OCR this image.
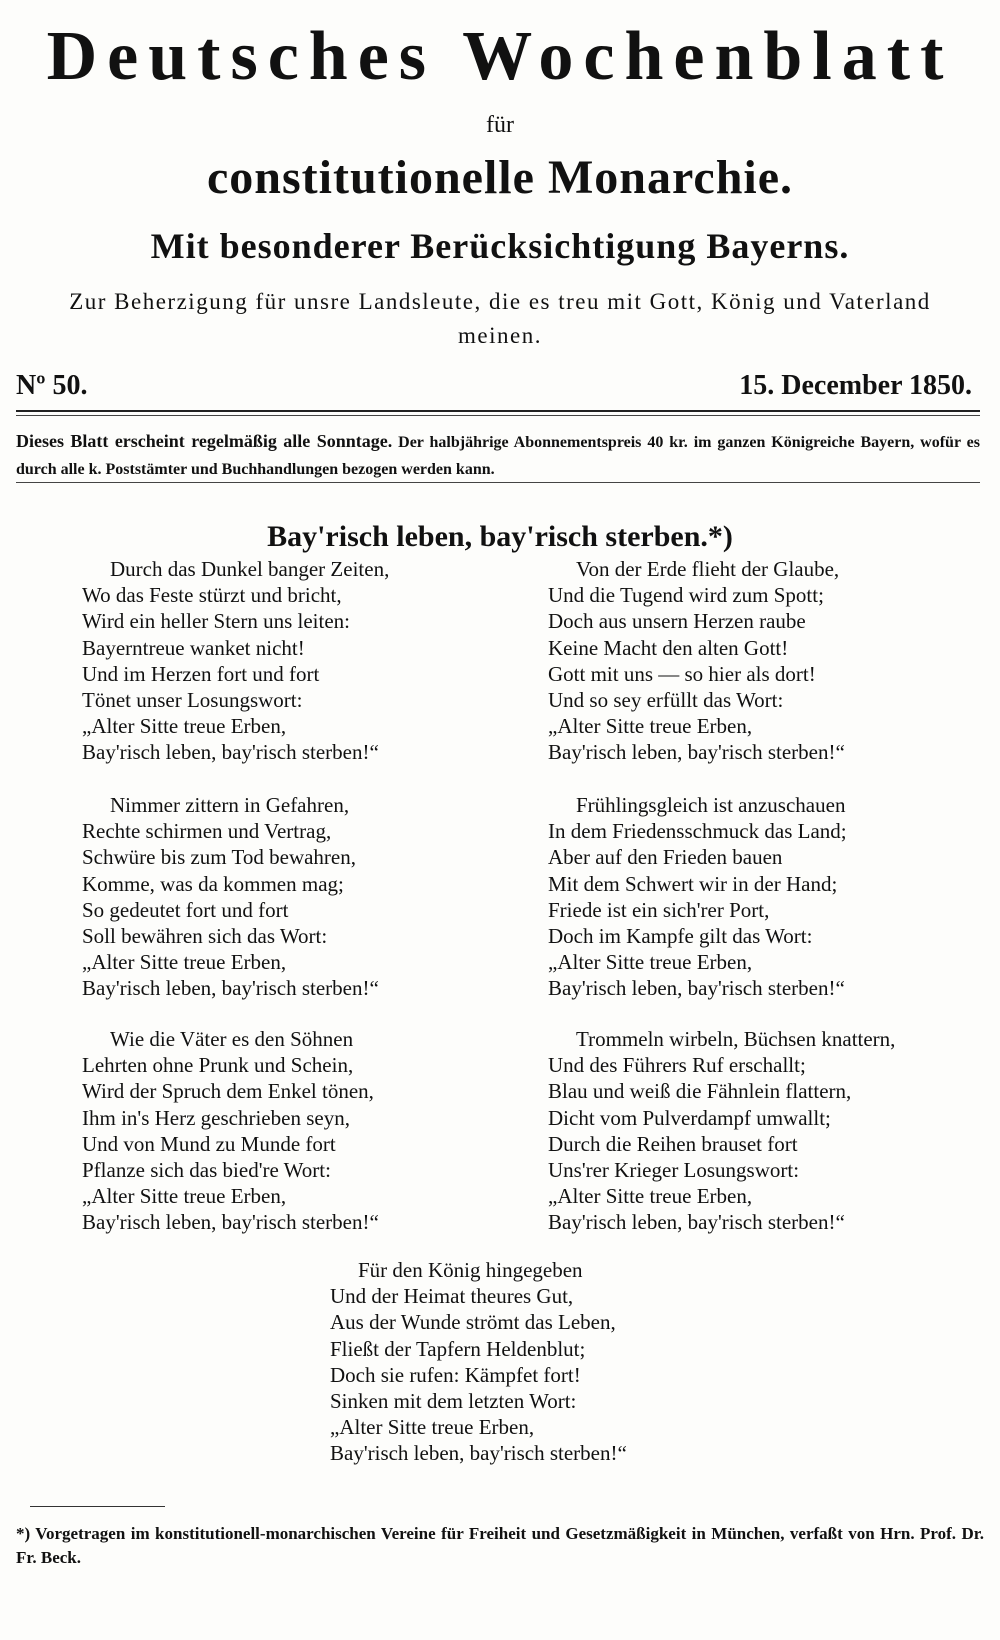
Deutsches Wochenblatt
für
constitutionelle Monarchie.
Mit besonderer Berücksichtigung Bayerns.
Zur Beherzigung für unsre Landsleute, die es treu mit Gott, König und Vaterland meinen.
Nº 50.	15. December 1850.
Dieses Blatt erscheint regelmäßig alle Sonntage. Der halbjährige Abonnementspreis 40 kr. im ganzen Königreiche Bayern, wofür es durch alle k. Poststämter und Buchhandlungen bezogen werden kann.
Bay'risch leben, bay'risch sterben.*)
Durch das Dunkel banger Zeiten,
Wo das Feste stürzt und bricht,
Wird ein heller Stern uns leiten:
Bayerntreue wanket nicht!
Und im Herzen fort und fort
Tönet unser Losungswort:
„Alter Sitte treue Erben,
Bay'risch leben, bay'risch sterben!“
Von der Erde flieht der Glaube,
Und die Tugend wird zum Spott;
Doch aus unsern Herzen raube
Keine Macht den alten Gott!
Gott mit uns — so hier als dort!
Und so sey erfüllt das Wort:
„Alter Sitte treue Erben,
Bay'risch leben, bay'risch sterben!“
Nimmer zittern in Gefahren,
Rechte schirmen und Vertrag,
Schwüre bis zum Tod bewahren,
Komme, was da kommen mag;
So gedeutet fort und fort
Soll bewähren sich das Wort:
„Alter Sitte treue Erben,
Bay'risch leben, bay'risch sterben!“
Frühlingsgleich ist anzuschauen
In dem Friedensschmuck das Land;
Aber auf den Frieden bauen
Mit dem Schwert wir in der Hand;
Friede ist ein sich'rer Port,
Doch im Kampfe gilt das Wort:
„Alter Sitte treue Erben,
Bay'risch leben, bay'risch sterben!“
Wie die Väter es den Söhnen
Lehrten ohne Prunk und Schein,
Wird der Spruch dem Enkel tönen,
Ihm in's Herz geschrieben seyn,
Und von Mund zu Munde fort
Pflanze sich das bied're Wort:
„Alter Sitte treue Erben,
Bay'risch leben, bay'risch sterben!“
Trommeln wirbeln, Büchsen knattern,
Und des Führers Ruf erschallt;
Blau und weiß die Fähnlein flattern,
Dicht vom Pulverdampf umwallt;
Durch die Reihen brauset fort
Uns'rer Krieger Losungswort:
„Alter Sitte treue Erben,
Bay'risch leben, bay'risch sterben!“
Für den König hingegeben
Und der Heimat theures Gut,
Aus der Wunde strömt das Leben,
Fließt der Tapfern Heldenblut;
Doch sie rufen: Kämpfet fort!
Sinken mit dem letzten Wort:
„Alter Sitte treue Erben,
Bay'risch leben, bay'risch sterben!“
*) Vorgetragen im konstitutionell-monarchischen Vereine für Freiheit und Gesetzmäßigkeit in München, verfaßt von Hrn. Prof. Dr. Fr. Beck.
